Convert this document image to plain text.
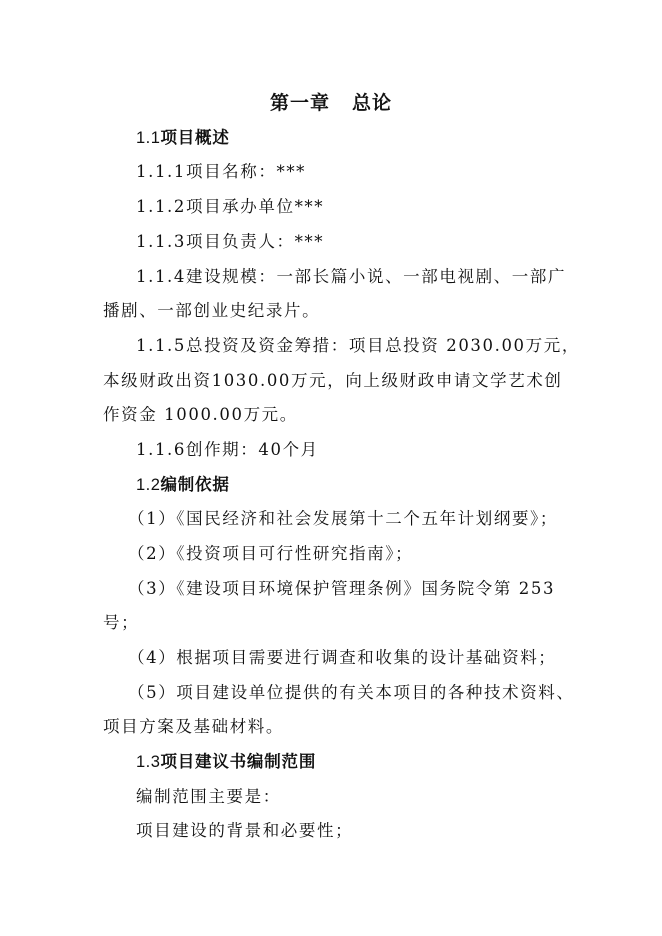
第一章 总论
1.1项目概述
1.1.1项目名称：***
1.1.2项目承办单位***
1.1.3项目负责人：***
1.1.4建设规模：一部长篇小说、一部电视剧、一部广
播剧、一部创业史纪录片。
1.1.5总投资及资金筹措：项目总投资 2030.00万元，
本级财政出资1030.00万元，向上级财政申请文学艺术创
作资金 1000.00万元。
1.1.6创作期：40个月
1.2编制依据
（1）《国民经济和社会发展第十二个五年计划纲要》；
（2）《投资项目可行性研究指南》；
（3）《建设项目环境保护管理条例》国务院令第 253
号；
（4）根据项目需要进行调查和收集的设计基础资料；
（5）项目建设单位提供的有关本项目的各种技术资料、
项目方案及基础材料。
1.3项目建议书编制范围
编制范围主要是：
项目建设的背景和必要性；
